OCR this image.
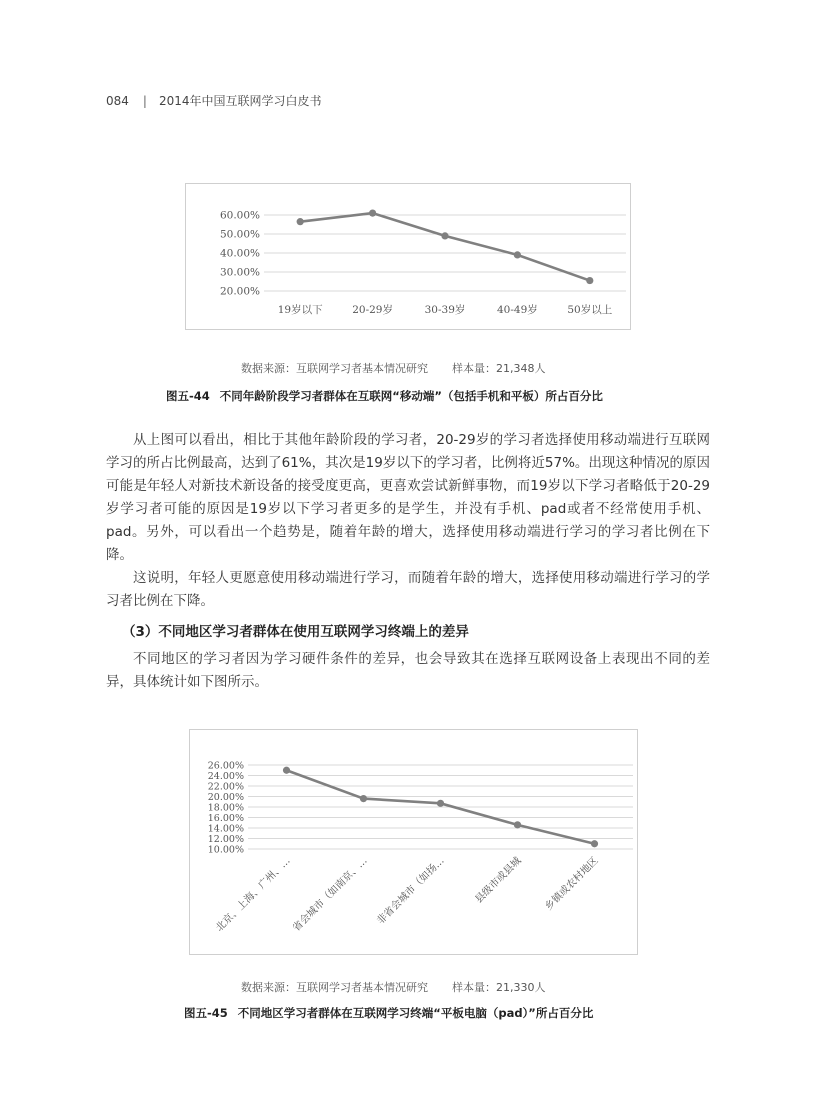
084 | 2014年中国互联网学习白皮书
60.00%
50.00%
40.00%
30.00%
20.00%
19岁以下	20-29岁	30-39岁	40-49岁	50岁以上
数据来源：互联网学习者基本情况研究 样本量：21,348人
图五-44 不同年龄阶段学习者群体在互联网“移动端”（包括手机和平板）所占百分比

从上图可以看出，相比于其他年龄阶段的学习者，20-29岁的学习者选择使用移动端进行互联网学习的所占比例最高，达到了61%，其次是19岁以下的学习者，比例将近57%。出现这种情况的原因可能是年轻人对新技术新设备的接受度更高，更喜欢尝试新鲜事物，而19岁以下学习者略低于20-29岁学习者可能的原因是19岁以下学习者更多的是学生，并没有手机、pad或者不经常使用手机、pad。另外，可以看出一个趋势是，随着年龄的增大，选择使用移动端进行学习的学习者比例在下降。

这说明，年轻人更愿意使用移动端进行学习，而随着年龄的增大，选择使用移动端进行学习的学习者比例在下降。

（3）不同地区学习者群体在使用互联网学习终端上的差异

不同地区的学习者因为学习硬件条件的差异，也会导致其在选择互联网设备上表现出不同的差异，具体统计如下图所示。

26.00%
24.00%
22.00%
20.00%
18.00%
16.00%
14.00%
12.00%
10.00%
北京、上海、广州、…
省会城市（如南京、… 非省会城市（如扬…	县级市或县城 乡镇或农村地区
数据来源：互联网学习者基本情况研究 样本量：21,330人
图五-45 不同地区学习者群体在互联网学习终端“平板电脑（pad）”所占百分比
